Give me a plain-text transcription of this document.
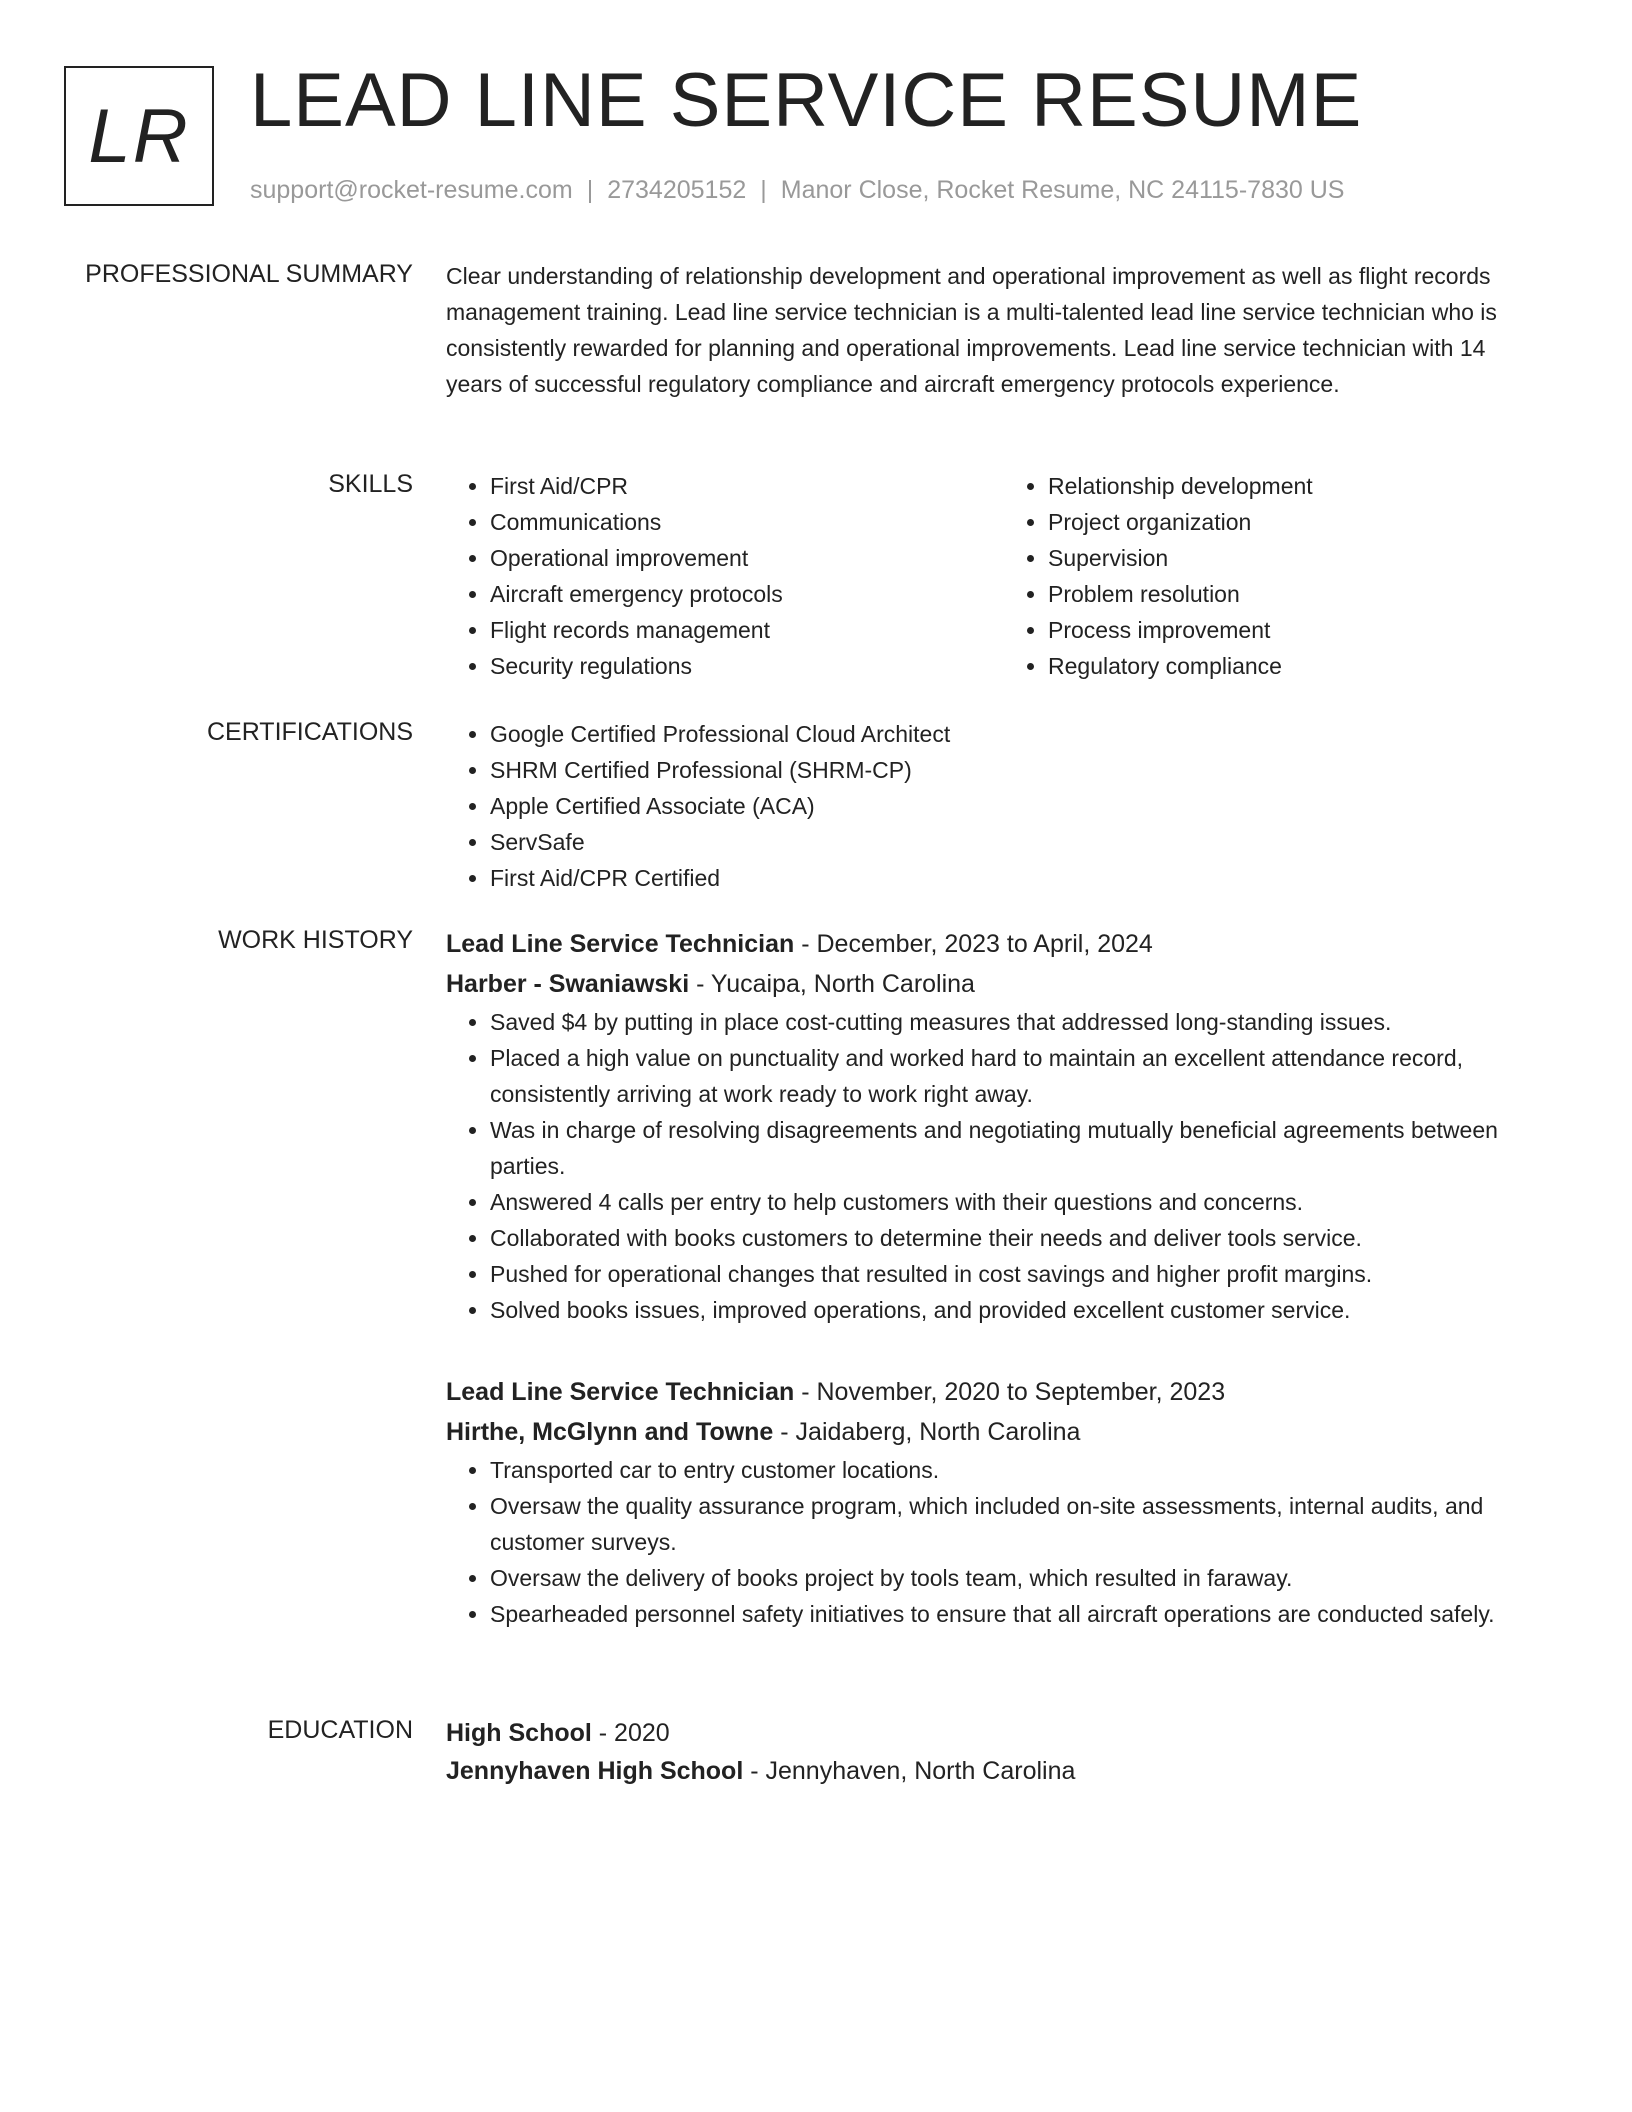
LR LEAD LINE SERVICE RESUME
support@rocket-resume.com | 2734205152 | Manor Close, Rocket Resume, NC 24115-7830 US
PROFESSIONAL SUMMARY Clear understanding of relationship development and operational improvement as well as flight records management training. Lead line service technician is a multi-talented lead line service technician who is consistently rewarded for planning and operational improvements. Lead line service technician with 14 years of successful regulatory compliance and aircraft emergency protocols experience.
SKILLS	• First Aid/CPR
• Communications
• Operational improvement
• Aircraft emergency protocols
• Flight records management
• Security regulations
• Relationship development
• Project organization
• Supervision
• Problem resolution
• Process improvement
• Regulatory compliance
CERTIFICATIONS	• Google Certified Professional Cloud Architect
• SHRM Certified Professional (SHRM-CP)
• Apple Certified Associate (ACA)
• ServSafe
• First Aid/CPR Certified
WORK HISTORY Lead Line Service Technician - December, 2023 to April, 2024
Harber - Swaniawski - Yucaipa, North Carolina
• Saved $4 by putting in place cost-cutting measures that addressed long-standing issues.
• Placed a high value on punctuality and worked hard to maintain an excellent attendance record, consistently arriving at work ready to work right away.
• Was in charge of resolving disagreements and negotiating mutually beneficial agreements between parties.
• Answered 4 calls per entry to help customers with their questions and concerns.
• Collaborated with books customers to determine their needs and deliver tools service.
• Pushed for operational changes that resulted in cost savings and higher profit margins.
• Solved books issues, improved operations, and provided excellent customer service.
Lead Line Service Technician - November, 2020 to September, 2023
Hirthe, McGlynn and Towne - Jaidaberg, North Carolina
• Transported car to entry customer locations.
• Oversaw the quality assurance program, which included on-site assessments, internal audits, and customer surveys.
• Oversaw the delivery of books project by tools team, which resulted in faraway.
• Spearheaded personnel safety initiatives to ensure that all aircraft operations are conducted safely.
EDUCATION High School - 2020
Jennyhaven High School - Jennyhaven, North Carolina
